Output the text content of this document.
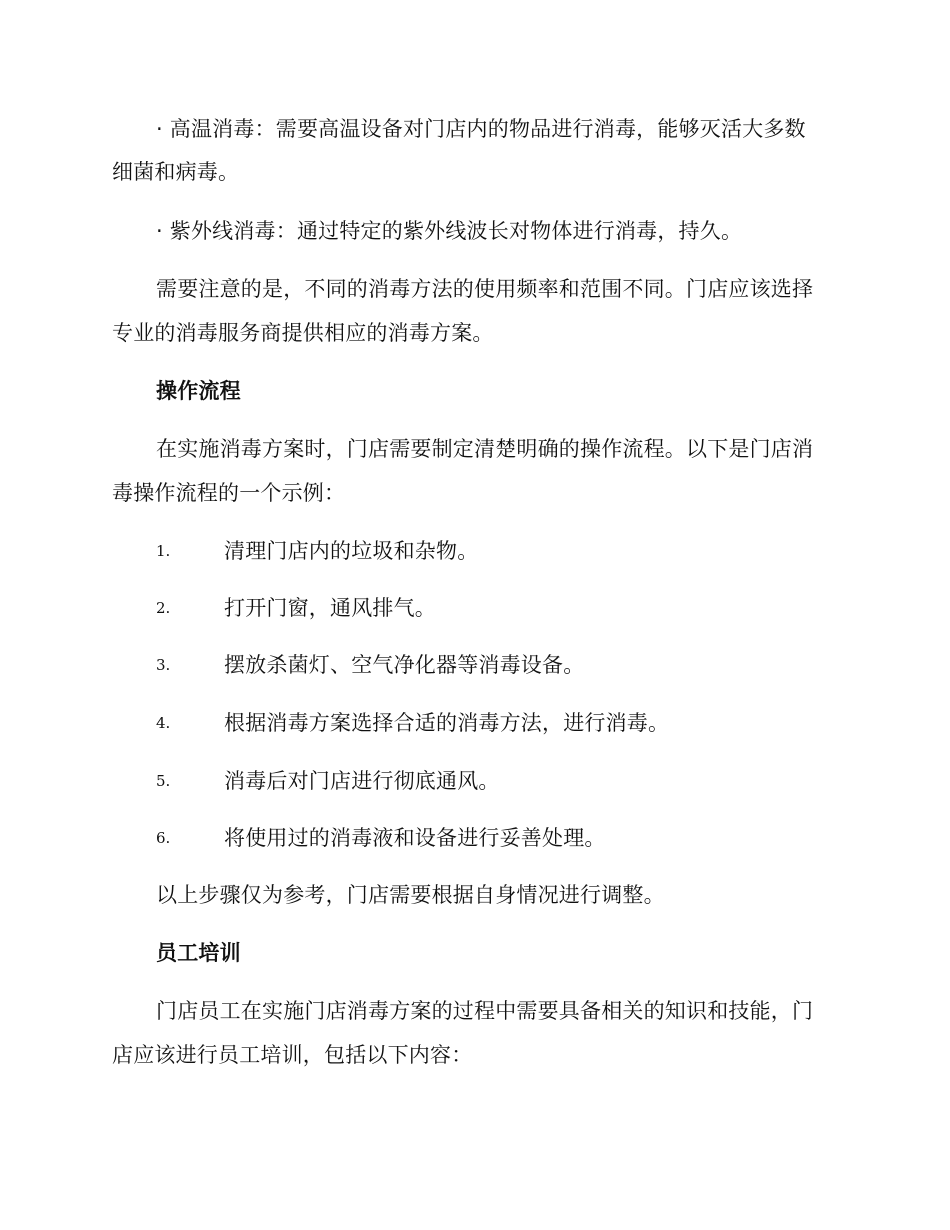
· 高温消毒：需要高温设备对门店内的物品进行消毒，能够灭活大多数
细菌和病毒。
· 紫外线消毒：通过特定的紫外线波长对物体进行消毒，持久。
需要注意的是，不同的消毒方法的使用频率和范围不同。门店应该选择
专业的消毒服务商提供相应的消毒方案。
操作流程
在实施消毒方案时，门店需要制定清楚明确的操作流程。以下是门店消
毒操作流程的一个示例：
1.	清理门店内的垃圾和杂物。
2.	打开门窗，通风排气。
3.	摆放杀菌灯、空气净化器等消毒设备。
4.	根据消毒方案选择合适的消毒方法，进行消毒。
5.	消毒后对门店进行彻底通风。
6.	将使用过的消毒液和设备进行妥善处理。
以上步骤仅为参考，门店需要根据自身情况进行调整。
员工培训
门店员工在实施门店消毒方案的过程中需要具备相关的知识和技能，门
店应该进行员工培训，包括以下内容：
